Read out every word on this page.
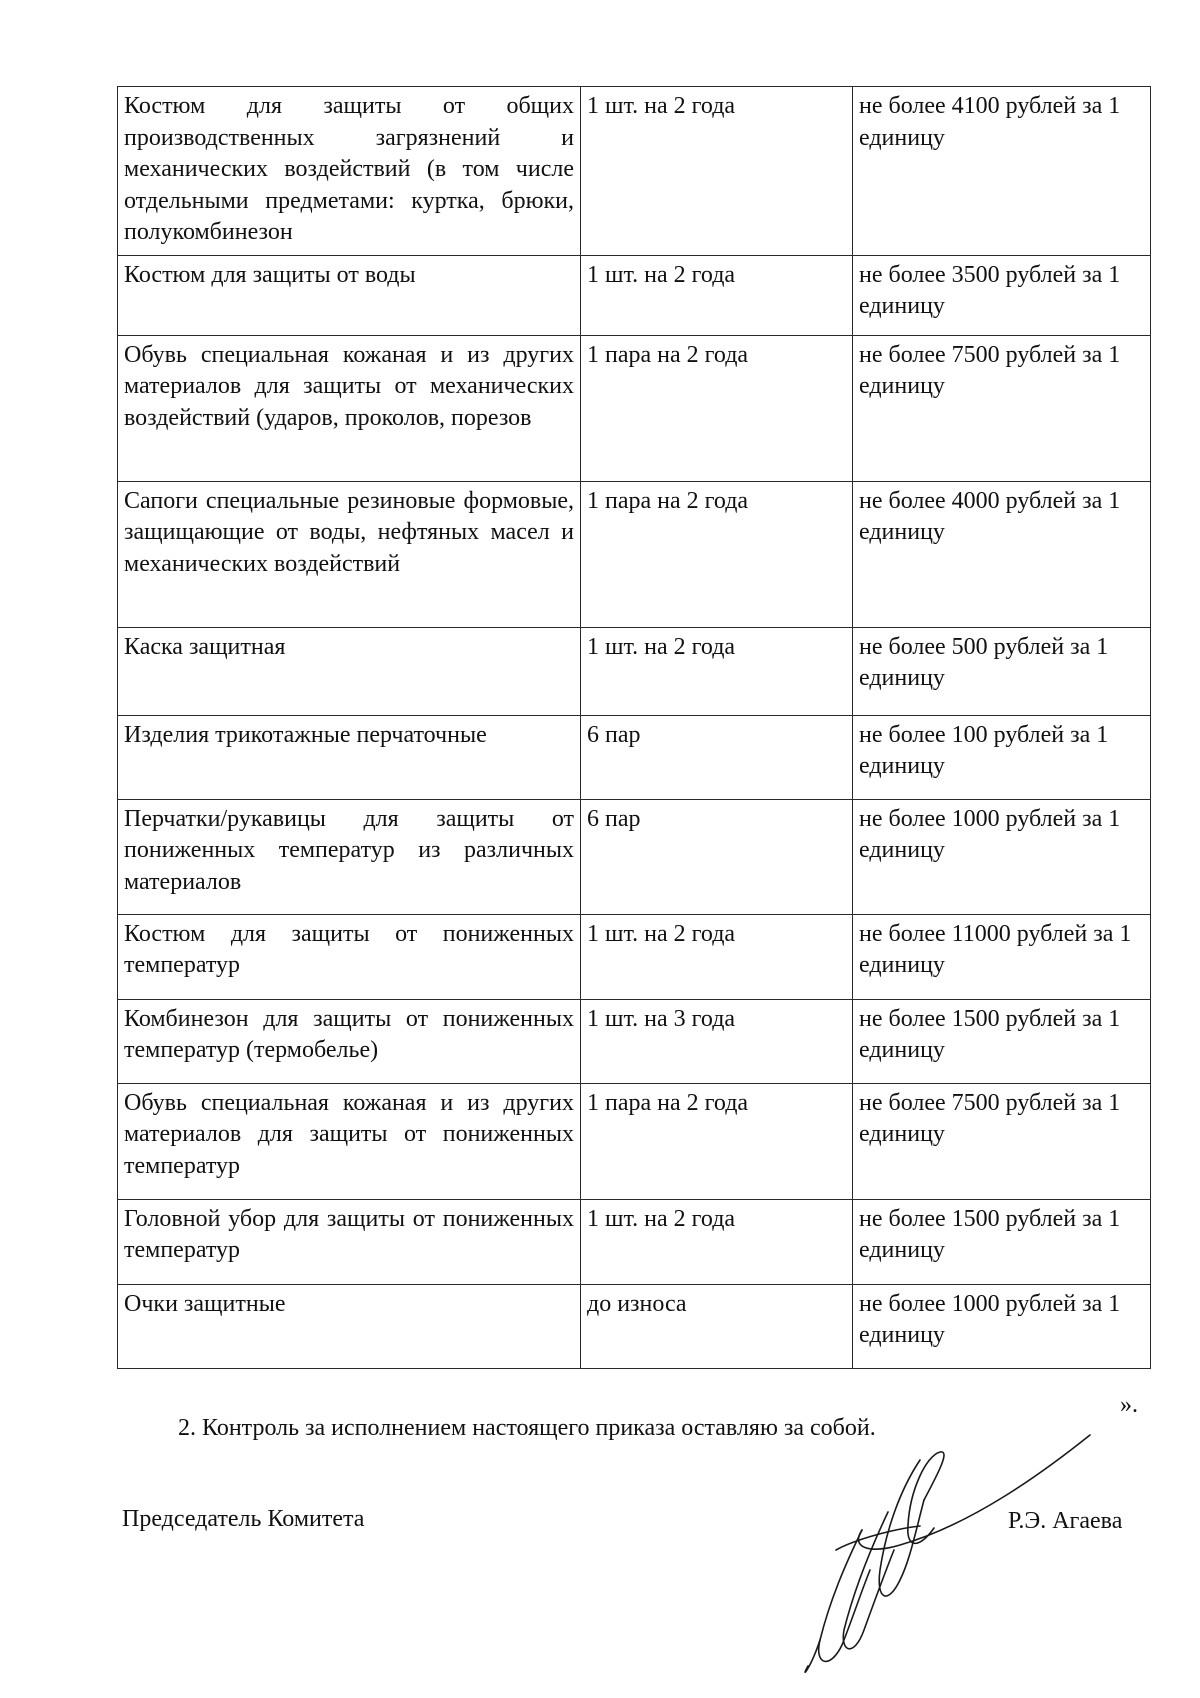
Костюм для защиты от общих производственных загрязнений и механических воздействий (в том числе отдельными предметами: куртка, брюки, полукомбинезон	1 шт. на 2 года	не более 4100 рублей за 1 единицу
Костюм для защиты от воды	1 шт. на 2 года	не более 3500 рублей за 1 единицу
Обувь специальная кожаная и из других материалов для защиты от механических воздействий (ударов, проколов, порезов	1 пара на 2 года	не более 7500 рублей за 1 единицу
Сапоги специальные резиновые формовые, защищающие от воды, нефтяных масел и механических воздействий	1 пара на 2 года	не более 4000 рублей за 1 единицу
Каска защитная	1 шт. на 2 года	не более 500 рублей за 1 единицу
Изделия трикотажные перчаточные	6 пар	не более 100 рублей за 1 единицу
Перчатки/рукавицы для защиты от пониженных температур из различных материалов	6 пар	не более 1000 рублей за 1 единицу
Костюм для защиты от пониженных температур	1 шт. на 2 года	не более 11000 рублей за 1 единицу
Комбинезон для защиты от пониженных температур (термобелье)	1 шт. на 3 года	не более 1500 рублей за 1 единицу
Обувь специальная кожаная и из других материалов для защиты от пониженных температур	1 пара на 2 года	не более 7500 рублей за 1 единицу
Головной убор для защиты от пониженных температур	1 шт. на 2 года	не более 1500 рублей за 1 единицу
Очки защитные	до износа	не более 1000 рублей за 1 единицу
».
2. Контроль за исполнением настоящего приказа оставляю за собой.
Председатель Комитета	Р.Э. Агаева
